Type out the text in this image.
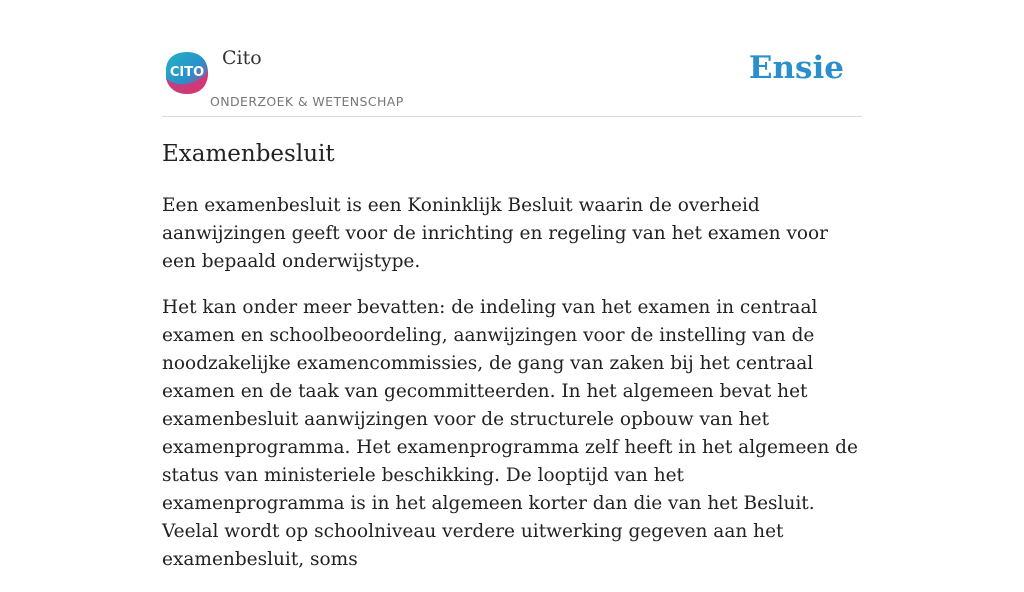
CITO
Cito
ONDERZOEK & WETENSCHAP
Ensie
Examenbesluit

Een examenbesluit is een Koninklijk Besluit waarin de overheid aanwijzingen geeft voor de inrichting en regeling van het examen voor een bepaald onderwijstype.

Het kan onder meer bevatten: de indeling van het examen in centraal examen en schoolbeoordeling, aanwijzingen voor de instelling van de noodzakelijke examencommissies, de gang van zaken bij het centraal examen en de taak van gecommitteerden. In het algemeen bevat het examenbesluit aanwijzingen voor de structurele opbouw van het examenprogramma. Het examenprogramma zelf heeft in het algemeen de status van ministeriele beschikking. De looptijd van het examenprogramma is in het algemeen korter dan die van het Besluit. Veelal wordt op schoolniveau verdere uitwerking gegeven aan het examenbesluit, soms
